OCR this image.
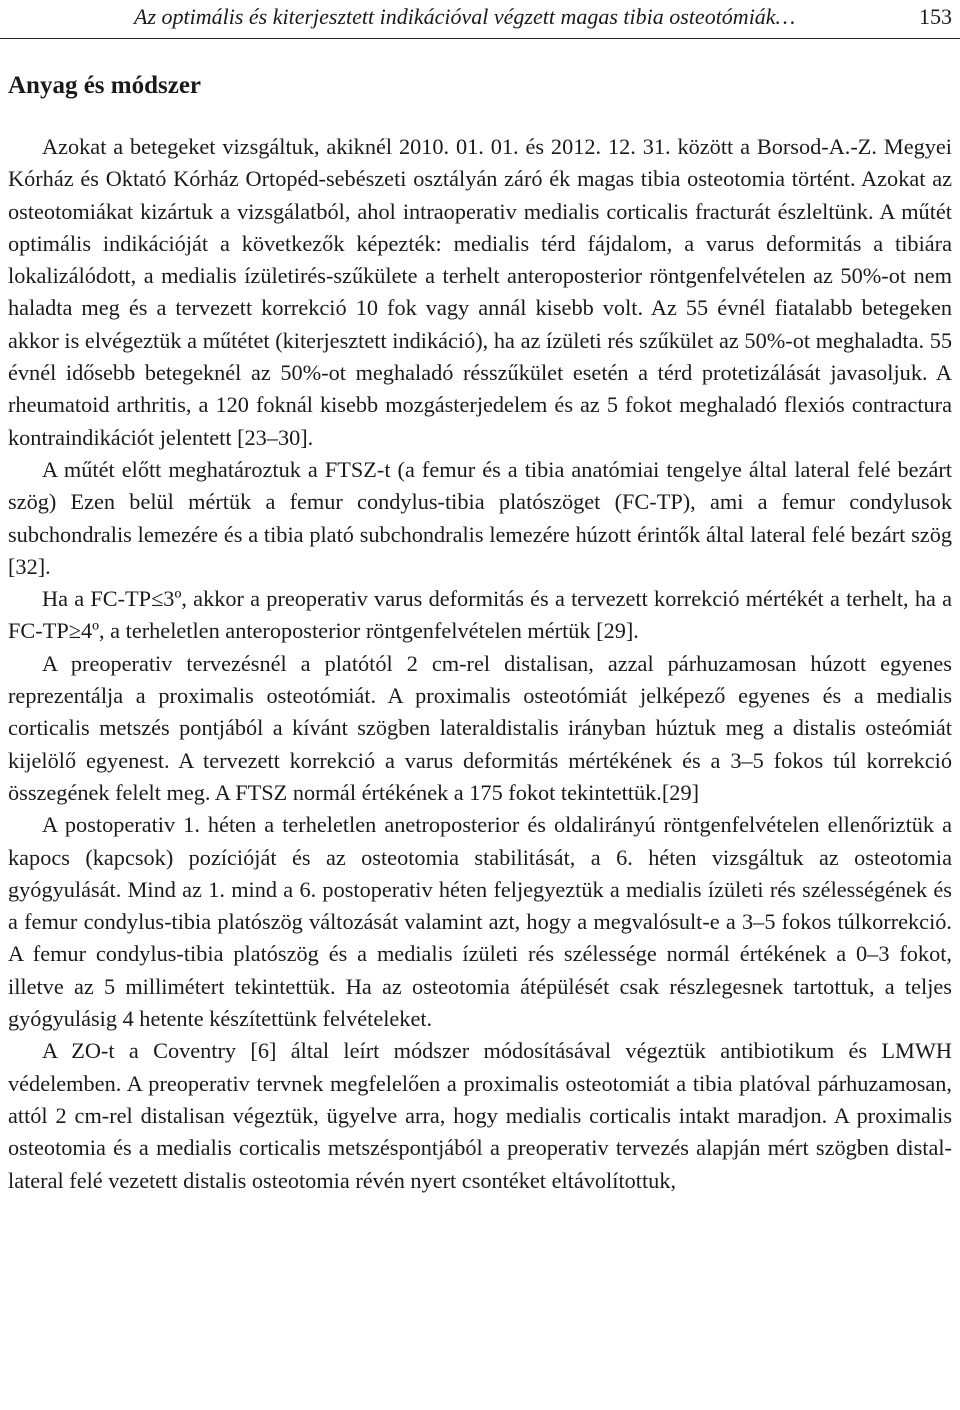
Az optimális és kiterjesztett indikációval végzett magas tibia osteotómiák…	153
Anyag és módszer

Azokat a betegeket vizsgáltuk, akiknél 2010. 01. 01. és 2012. 12. 31. között a Borsod-A.-Z. Megyei Kórház és Oktató Kórház Ortopéd-sebészeti osztályán záró ék magas tibia osteotomia történt. Azokat az osteotomiákat kizártuk a vizsgálatból, ahol intraoperativ medialis corticalis fracturát észleltünk. A műtét optimális indikációját a következők képezték: medialis térd fájdalom, a varus deformitás a tibiára lokalizálódott, a medialis ízületirés-szűkülete a terhelt anteroposterior röntgenfelvételen az 50%-ot nem haladta meg és a tervezett korrekció 10 fok vagy annál kisebb volt. Az 55 évnél fiatalabb betegeken akkor is elvégeztük a műtétet (kiterjesztett indikáció), ha az ízületi rés szűkület az 50%-ot meghaladta. 55 évnél idősebb betegeknél az 50%-ot meghaladó résszűkület esetén a térd protetizálását javasoljuk. A rheumatoid arthritis, a 120 foknál kisebb mozgásterjedelem és az 5 fokot meghaladó flexiós contractura kontraindikációt jelentett [23–30].

A műtét előtt meghatároztuk a FTSZ-t (a femur és a tibia anatómiai tengelye által lateral felé bezárt szög) Ezen belül mértük a femur condylus-tibia platószöget (FC-TP), ami a femur condylusok subchondralis lemezére és a tibia plató subchondralis lemezére húzott érintők által lateral felé bezárt szög [32].

Ha a FC-TP≤3º, akkor a preoperativ varus deformitás és a tervezett korrekció mértékét a terhelt, ha a FC-TP≥4º, a terheletlen anteroposterior röntgenfelvételen mértük [29].

A preoperativ tervezésnél a platótól 2 cm-rel distalisan, azzal párhuzamosan húzott egyenes reprezentálja a proximalis osteotómiát. A proximalis osteotómiát jelképező egyenes és a medialis corticalis metszés pontjából a kívánt szögben lateraldistalis irányban húztuk meg a distalis osteómiát kijelölő egyenest. A tervezett korrekció a varus deformitás mértékének és a 3–5 fokos túl korrekció összegének felelt meg. A FTSZ normál értékének a 175 fokot tekintettük.[29]

A postoperativ 1. héten a terheletlen anetroposterior és oldalirányú röntgenfelvételen ellenőriztük a kapocs (kapcsok) pozícióját és az osteotomia stabilitását, a 6. héten vizsgáltuk az osteotomia gyógyulását. Mind az 1. mind a 6. postoperativ héten feljegyeztük a medialis ízületi rés szélességének és a femur condylus-tibia platószög változását valamint azt, hogy a megvalósult-e a 3–5 fokos túlkorrekció. A femur condylus-tibia platószög és a medialis ízületi rés szélessége normál értékének a 0–3 fokot, illetve az 5 millimétert tekintettük. Ha az osteotomia átépülését csak részlegesnek tartottuk, a teljes gyógyulásig 4 hetente készítettünk felvételeket.

A ZO-t a Coventry [6] által leírt módszer módosításával végeztük antibiotikum és LMWH védelemben. A preoperativ tervnek megfelelően a proximalis osteotomiát a tibia platóval párhuzamosan, attól 2 cm-rel distalisan végeztük, ügyelve arra, hogy medialis corticalis intakt maradjon. A proximalis osteotomia és a medialis corticalis metszéspontjából a preoperativ tervezés alapján mért szögben distal-lateral felé vezetett distalis osteotomia révén nyert csontéket eltávolítottuk,
